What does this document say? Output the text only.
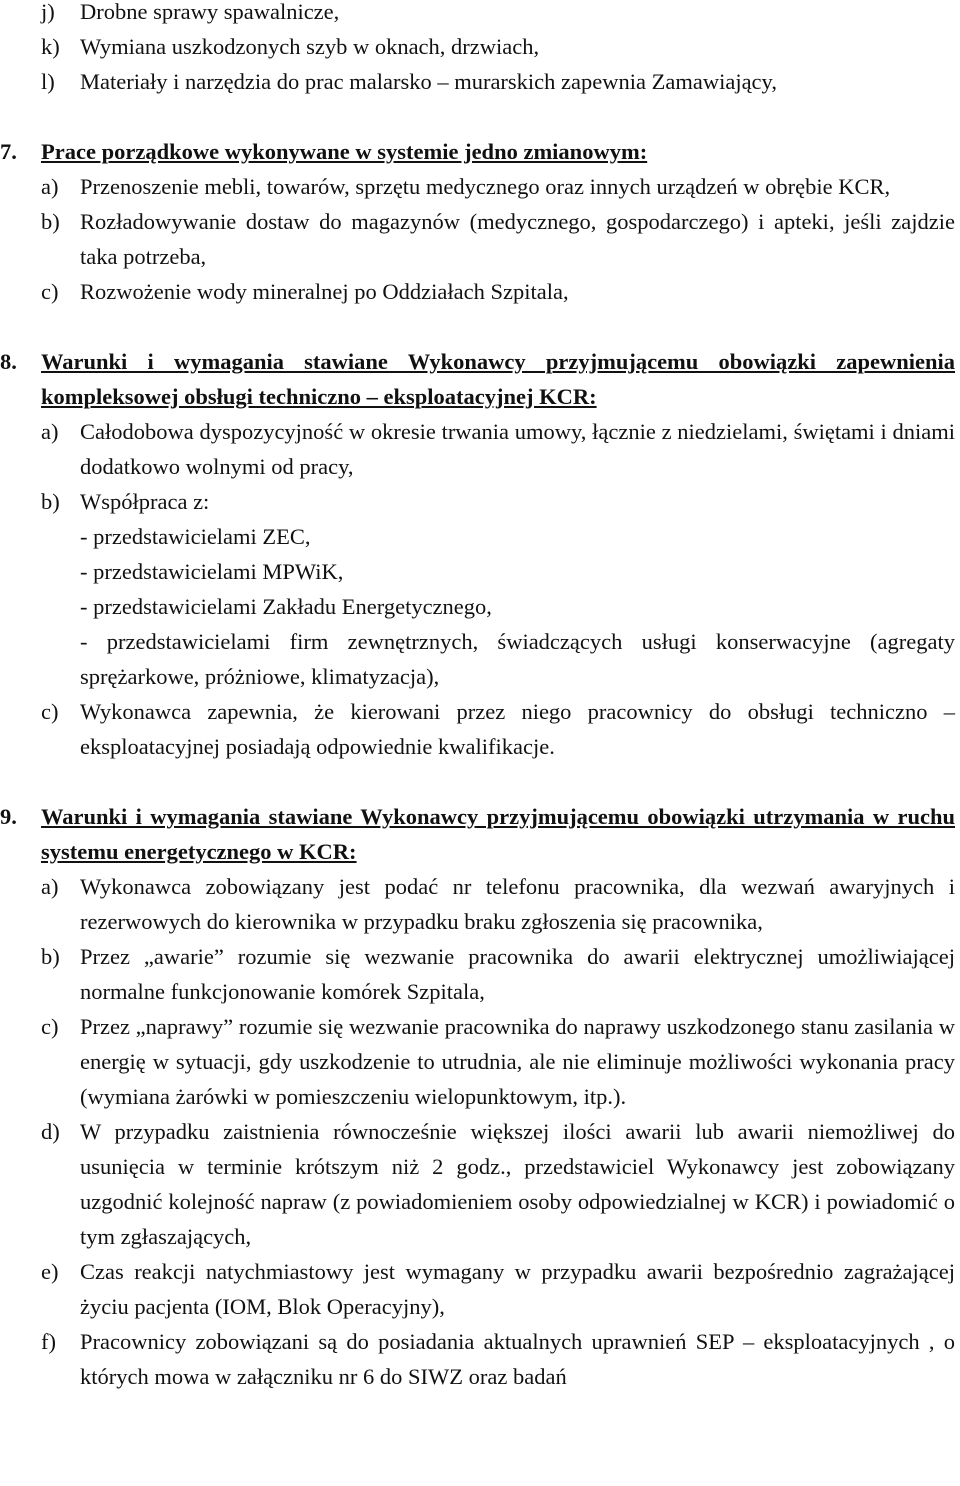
j) Drobne sprawy spawalnicze,
k) Wymiana uszkodzonych szyb w oknach, drzwiach,
l) Materiały i narzędzia do prac malarsko – murarskich zapewnia Zamawiający,
7. Prace porządkowe wykonywane w systemie jedno zmianowym:
a) Przenoszenie mebli, towarów, sprzętu medycznego oraz innych urządzeń w obrębie KCR,
b) Rozładowywanie dostaw do magazynów (medycznego, gospodarczego) i apteki, jeśli zajdzie taka potrzeba,
c) Rozwożenie wody mineralnej po Oddziałach Szpitala,
8. Warunki i wymagania stawiane Wykonawcy przyjmującemu obowiązki zapewnienia kompleksowej obsługi techniczno – eksploatacyjnej KCR:
a) Całodobowa dyspozycyjność w okresie trwania umowy, łącznie z niedzielami, świętami i dniami dodatkowo wolnymi od pracy,
b) Współpraca z:
- przedstawicielami ZEC,
- przedstawicielami MPWiK,
- przedstawicielami Zakładu Energetycznego,
- przedstawicielami firm zewnętrznych, świadczących usługi konserwacyjne (agregaty sprężarkowe, próżniowe, klimatyzacja),
c) Wykonawca zapewnia, że kierowani przez niego pracownicy do obsługi techniczno – eksploatacyjnej posiadają odpowiednie kwalifikacje.
9. Warunki i wymagania stawiane Wykonawcy przyjmującemu obowiązki utrzymania w ruchu systemu energetycznego w KCR:
a) Wykonawca zobowiązany jest podać nr telefonu pracownika, dla wezwań awaryjnych i rezerwowych do kierownika w przypadku braku zgłoszenia się pracownika,
b) Przez „awarie” rozumie się wezwanie pracownika do awarii elektrycznej umożliwiającej normalne funkcjonowanie komórek Szpitala,
c) Przez „naprawy” rozumie się wezwanie pracownika do naprawy uszkodzonego stanu zasilania w energię w sytuacji, gdy uszkodzenie to utrudnia, ale nie eliminuje możliwości wykonania pracy (wymiana żarówki w pomieszczeniu wielopunktowym, itp.).
d) W przypadku zaistnienia równocześnie większej ilości awarii lub awarii niemożliwej do usunięcia w terminie krótszym niż 2 godz., przedstawiciel Wykonawcy jest zobowiązany uzgodnić kolejność napraw (z powiadomieniem osoby odpowiedzialnej w KCR) i powiadomić o tym zgłaszających,
e) Czas reakcji natychmiastowy jest wymagany w przypadku awarii bezpośrednio zagrażającej życiu pacjenta (IOM, Blok Operacyjny),
f) Pracownicy zobowiązani są do posiadania aktualnych uprawnień SEP – eksploatacyjnych , o których mowa w załączniku nr 6 do SIWZ oraz badań
